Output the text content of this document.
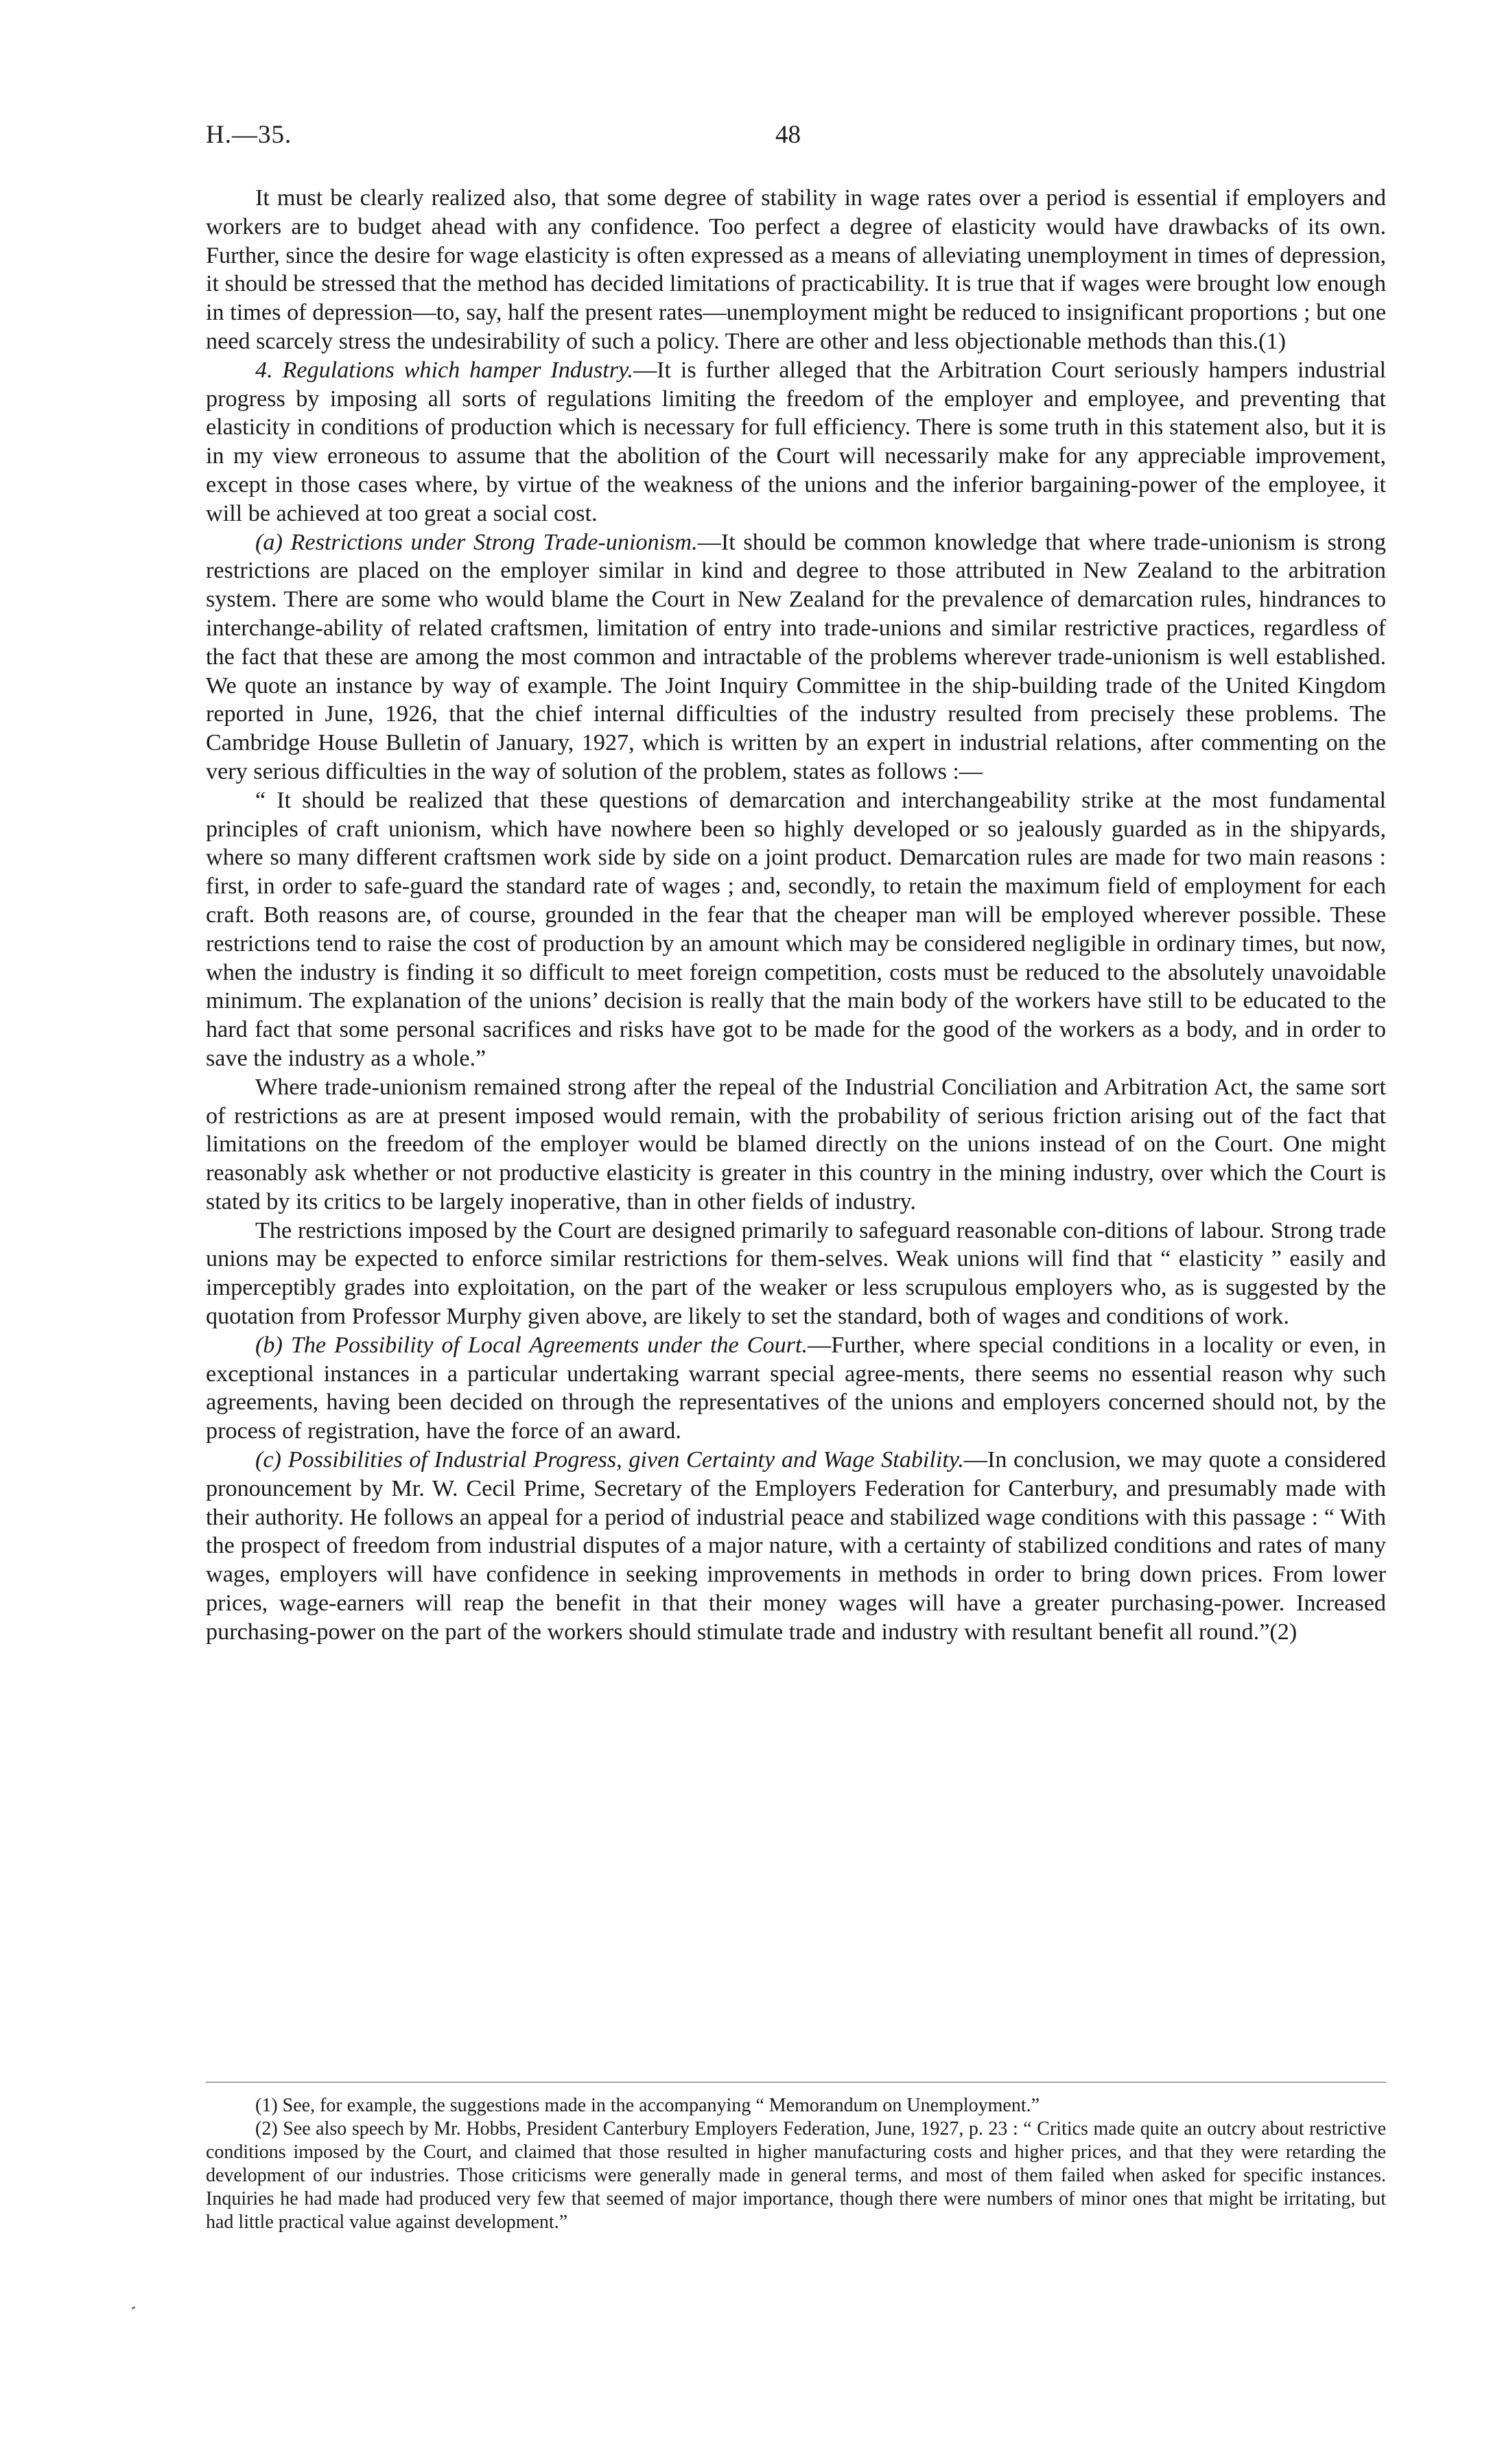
H.—35.	48

It must be clearly realized also, that some degree of stability in wage rates over a period is essential if employers and workers are to budget ahead with any confidence. Too perfect a degree of elasticity would have drawbacks of its own. Further, since the desire for wage elasticity is often expressed as a means of alleviating unemployment in times of depression, it should be stressed that the method has decided limitations of practicability. It is true that if wages were brought low enough in times of depression—to, say, half the present rates—unemployment might be reduced to insignificant proportions ; but one need scarcely stress the undesirability of such a policy. There are other and less objectionable methods than this.(1)

4. Regulations which hamper Industry.—It is further alleged that the Arbitration Court seriously hampers industrial progress by imposing all sorts of regulations limiting the freedom of the employer and employee, and preventing that elasticity in conditions of production which is necessary for full efficiency. There is some truth in this statement also, but it is in my view erroneous to assume that the abolition of the Court will necessarily make for any appreciable improvement, except in those cases where, by virtue of the weakness of the unions and the inferior bargaining-power of the employee, it will be achieved at too great a social cost.

(a) Restrictions under Strong Trade-unionism.—It should be common knowledge that where trade-unionism is strong restrictions are placed on the employer similar in kind and degree to those attributed in New Zealand to the arbitration system. There are some who would blame the Court in New Zealand for the prevalence of demarcation rules, hindrances to interchange-ability of related craftsmen, limitation of entry into trade-unions and similar restrictive practices, regardless of the fact that these are among the most common and intractable of the problems wherever trade-unionism is well established. We quote an instance by way of example. The Joint Inquiry Committee in the ship-building trade of the United Kingdom reported in June, 1926, that the chief internal difficulties of the industry resulted from precisely these problems. The Cambridge House Bulletin of January, 1927, which is written by an expert in industrial relations, after commenting on the very serious difficulties in the way of solution of the problem, states as follows :—

“ It should be realized that these questions of demarcation and interchangeability strike at the most fundamental principles of craft unionism, which have nowhere been so highly developed or so jealously guarded as in the shipyards, where so many different craftsmen work side by side on a joint product. Demarcation rules are made for two main reasons : first, in order to safe-guard the standard rate of wages ; and, secondly, to retain the maximum field of employment for each craft. Both reasons are, of course, grounded in the fear that the cheaper man will be employed wherever possible. These restrictions tend to raise the cost of production by an amount which may be considered negligible in ordinary times, but now, when the industry is finding it so difficult to meet foreign competition, costs must be reduced to the absolutely unavoidable minimum. The explanation of the unions’ decision is really that the main body of the workers have still to be educated to the hard fact that some personal sacrifices and risks have got to be made for the good of the workers as a body, and in order to save the industry as a whole.”

Where trade-unionism remained strong after the repeal of the Industrial Conciliation and Arbitration Act, the same sort of restrictions as are at present imposed would remain, with the probability of serious friction arising out of the fact that limitations on the freedom of the employer would be blamed directly on the unions instead of on the Court. One might reasonably ask whether or not productive elasticity is greater in this country in the mining industry, over which the Court is stated by its critics to be largely inoperative, than in other fields of industry.

The restrictions imposed by the Court are designed primarily to safeguard reasonable con-ditions of labour. Strong trade unions may be expected to enforce similar restrictions for them-selves. Weak unions will find that “ elasticity ” easily and imperceptibly grades into exploitation, on the part of the weaker or less scrupulous employers who, as is suggested by the quotation from Professor Murphy given above, are likely to set the standard, both of wages and conditions of work.

(b) The Possibility of Local Agreements under the Court.—Further, where special conditions in a locality or even, in exceptional instances in a particular undertaking warrant special agree-ments, there seems no essential reason why such agreements, having been decided on through the representatives of the unions and employers concerned should not, by the process of registration, have the force of an award.

(c) Possibilities of Industrial Progress, given Certainty and Wage Stability.—In conclusion, we may quote a considered pronouncement by Mr. W. Cecil Prime, Secretary of the Employers Federation for Canterbury, and presumably made with their authority. He follows an appeal for a period of industrial peace and stabilized wage conditions with this passage : “ With the prospect of freedom from industrial disputes of a major nature, with a certainty of stabilized conditions and rates of many wages, employers will have confidence in seeking improvements in methods in order to bring down prices. From lower prices, wage-earners will reap the benefit in that their money wages will have a greater purchasing-power. Increased purchasing-power on the part of the workers should stimulate trade and industry with resultant benefit all round.”(2)

(1) See, for example, the suggestions made in the accompanying “ Memorandum on Unemployment.”

(2) See also speech by Mr. Hobbs, President Canterbury Employers Federation, June, 1927, p. 23 : “ Critics made quite an outcry about restrictive conditions imposed by the Court, and claimed that those resulted in higher manufacturing costs and higher prices, and that they were retarding the development of our industries. Those criticisms were generally made in general terms, and most of them failed when asked for specific instances. Inquiries he had made had produced very few that seemed of major importance, though there were numbers of minor ones that might be irritating, but had little practical value against development.”
